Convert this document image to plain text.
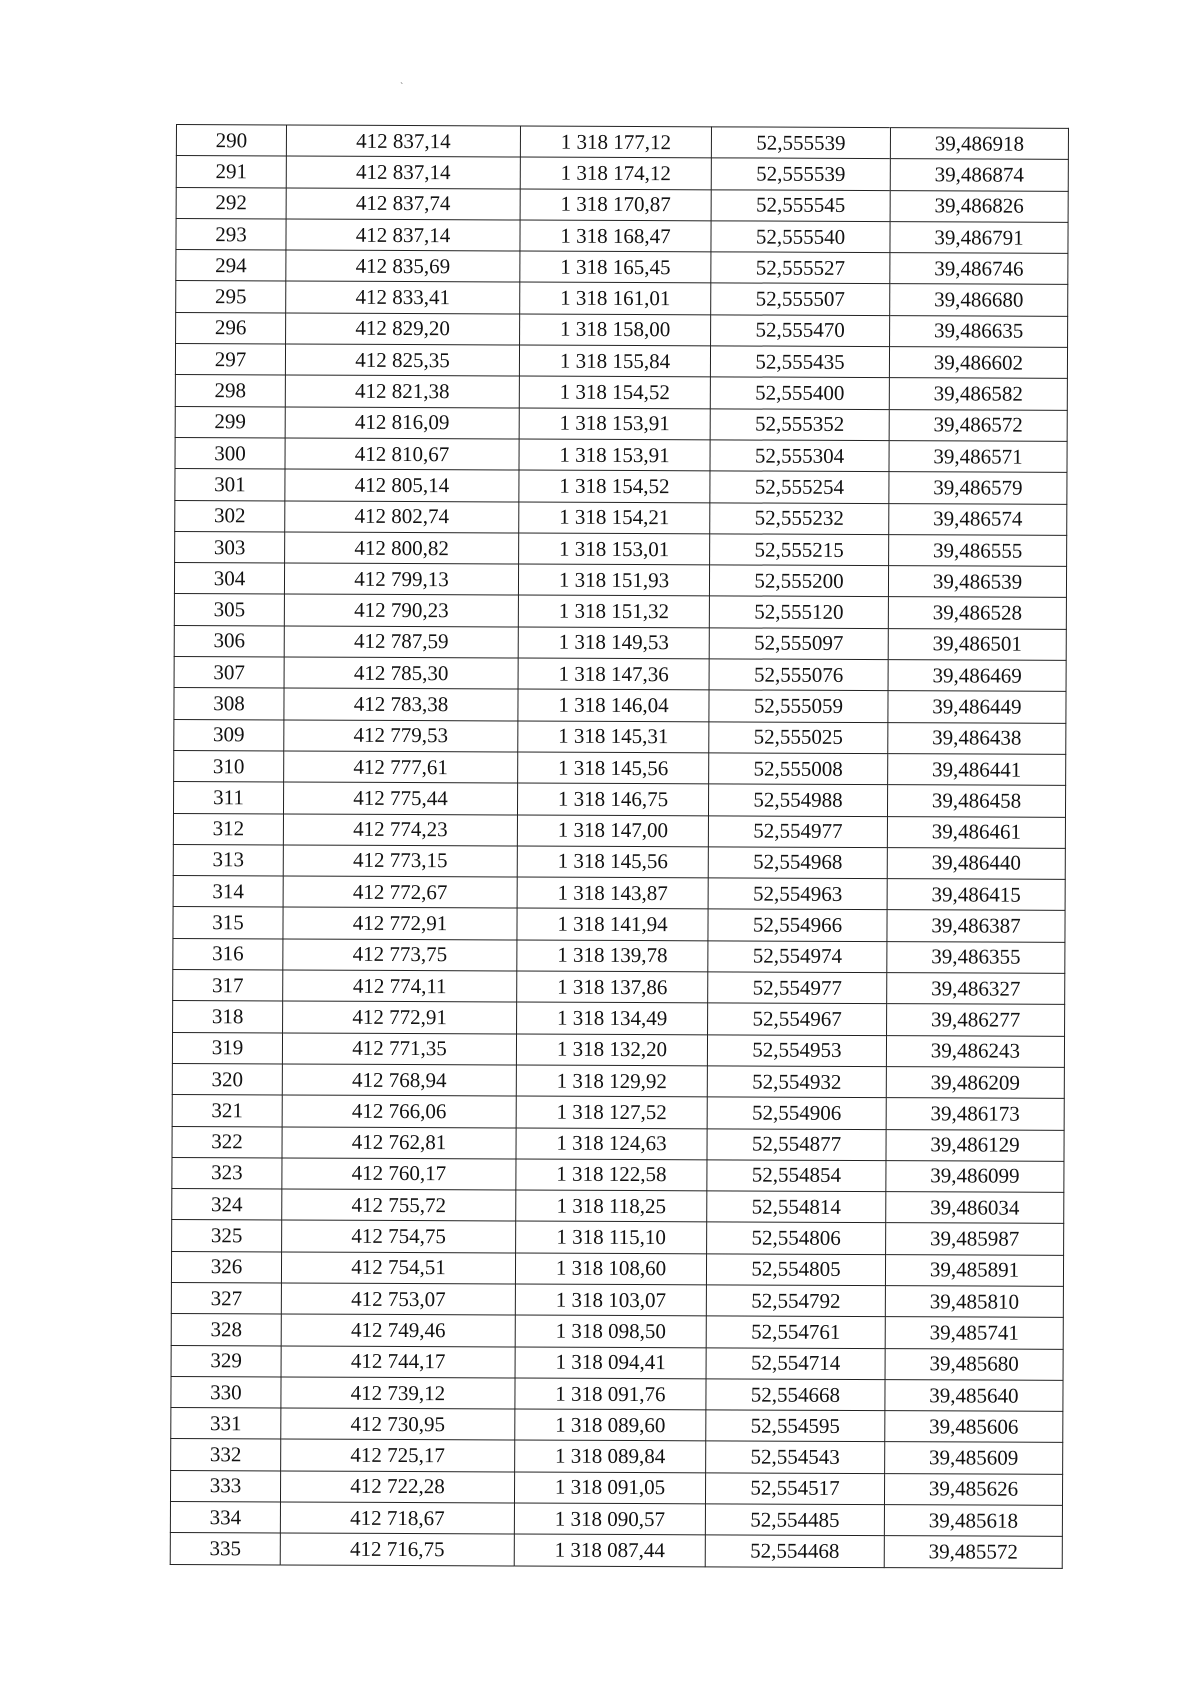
`
290	412 837,14	1 318 177,12	52,555539	39,486918
291	412 837,14	1 318 174,12	52,555539	39,486874
292	412 837,74	1 318 170,87	52,555545	39,486826
293	412 837,14	1 318 168,47	52,555540	39,486791
294	412 835,69	1 318 165,45	52,555527	39,486746
295	412 833,41	1 318 161,01	52,555507	39,486680
296	412 829,20	1 318 158,00	52,555470	39,486635
297	412 825,35	1 318 155,84	52,555435	39,486602
298	412 821,38	1 318 154,52	52,555400	39,486582
299	412 816,09	1 318 153,91	52,555352	39,486572
300	412 810,67	1 318 153,91	52,555304	39,486571
301	412 805,14	1 318 154,52	52,555254	39,486579
302	412 802,74	1 318 154,21	52,555232	39,486574
303	412 800,82	1 318 153,01	52,555215	39,486555
304	412 799,13	1 318 151,93	52,555200	39,486539
305	412 790,23	1 318 151,32	52,555120	39,486528
306	412 787,59	1 318 149,53	52,555097	39,486501
307	412 785,30	1 318 147,36	52,555076	39,486469
308	412 783,38	1 318 146,04	52,555059	39,486449
309	412 779,53	1 318 145,31	52,555025	39,486438
310	412 777,61	1 318 145,56	52,555008	39,486441
311	412 775,44	1 318 146,75	52,554988	39,486458
312	412 774,23	1 318 147,00	52,554977	39,486461
313	412 773,15	1 318 145,56	52,554968	39,486440
314	412 772,67	1 318 143,87	52,554963	39,486415
315	412 772,91	1 318 141,94	52,554966	39,486387
316	412 773,75	1 318 139,78	52,554974	39,486355
317	412 774,11	1 318 137,86	52,554977	39,486327
318	412 772,91	1 318 134,49	52,554967	39,486277
319	412 771,35	1 318 132,20	52,554953	39,486243
320	412 768,94	1 318 129,92	52,554932	39,486209
321	412 766,06	1 318 127,52	52,554906	39,486173
322	412 762,81	1 318 124,63	52,554877	39,486129
323	412 760,17	1 318 122,58	52,554854	39,486099
324	412 755,72	1 318 118,25	52,554814	39,486034
325	412 754,75	1 318 115,10	52,554806	39,485987
326	412 754,51	1 318 108,60	52,554805	39,485891
327	412 753,07	1 318 103,07	52,554792	39,485810
328	412 749,46	1 318 098,50	52,554761	39,485741
329	412 744,17	1 318 094,41	52,554714	39,485680
330	412 739,12	1 318 091,76	52,554668	39,485640
331	412 730,95	1 318 089,60	52,554595	39,485606
332	412 725,17	1 318 089,84	52,554543	39,485609
333	412 722,28	1 318 091,05	52,554517	39,485626
334	412 718,67	1 318 090,57	52,554485	39,485618
335	412 716,75	1 318 087,44	52,554468	39,485572
